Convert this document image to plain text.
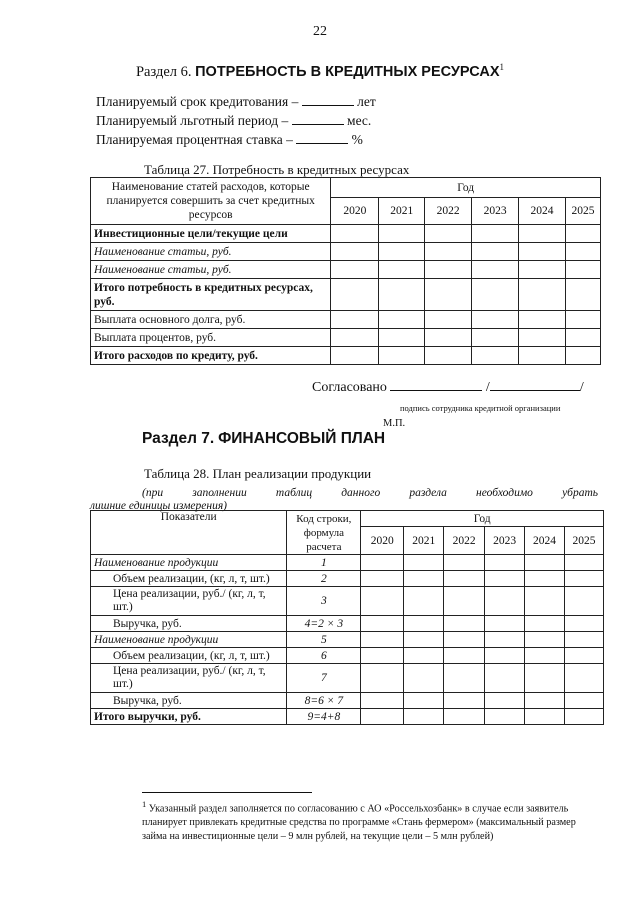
22
Раздел 6. ПОТРЕБНОСТЬ В КРЕДИТНЫХ РЕСУРСАХ$^1$
Планируемый срок кредитования –	лет
Планируемый льготный период –	мес.
Планируемая процентная ставка –	%
Таблица 27. Потребность в кредитных ресурсах
Наименование статей расходов, которые планируется совершить за счет кредитных ресурсов	Год					
	2020	2021	2022	2023	2024	2025
Инвестиционные цели/текущие цели						
Наименование статьи, руб.						
Наименование статьи, руб.						
Итого потребность в кредитных ресурсах, руб.						
Выплата основного долга, руб.						
Выплата процентов, руб.						
Итого расходов по кредиту, руб.						
Согласовано	/	/
подпись сотрудника кредитной организации
М.П.
Раздел 7. ФИНАНСОВЫЙ ПЛАН
Таблица 28. План реализации продукции
(при заполнении таблиц данного раздела необходимо убрать
лишние единицы измерения)
Показатели	Код строки, формула расчета	Год					
		2020	2021	2022	2023	2024	2025
Наименование продукции	1						
Объем реализации, (кг, л, т, шт.)	2						
Цена реализации, руб./ (кг, л, т, шт.)	3						
Выручка, руб.	4=2 × 3						
Наименование продукции	5						
Объем реализации, (кг, л, т, шт.)	6						
Цена реализации, руб./ (кг, л, т, шт.)	7						
Выручка, руб.	8=6 × 7						
Итого выручки, руб.	9=4+8						
$^1$ Указанный раздел заполняется по согласованию с АО «Россельхозбанк» в случае если заявитель планирует привлекать кредитные средства по программе «Стань фермером» (максимальный размер займа на инвестиционные цели – 9 млн рублей, на текущие цели – 5 млн рублей)
